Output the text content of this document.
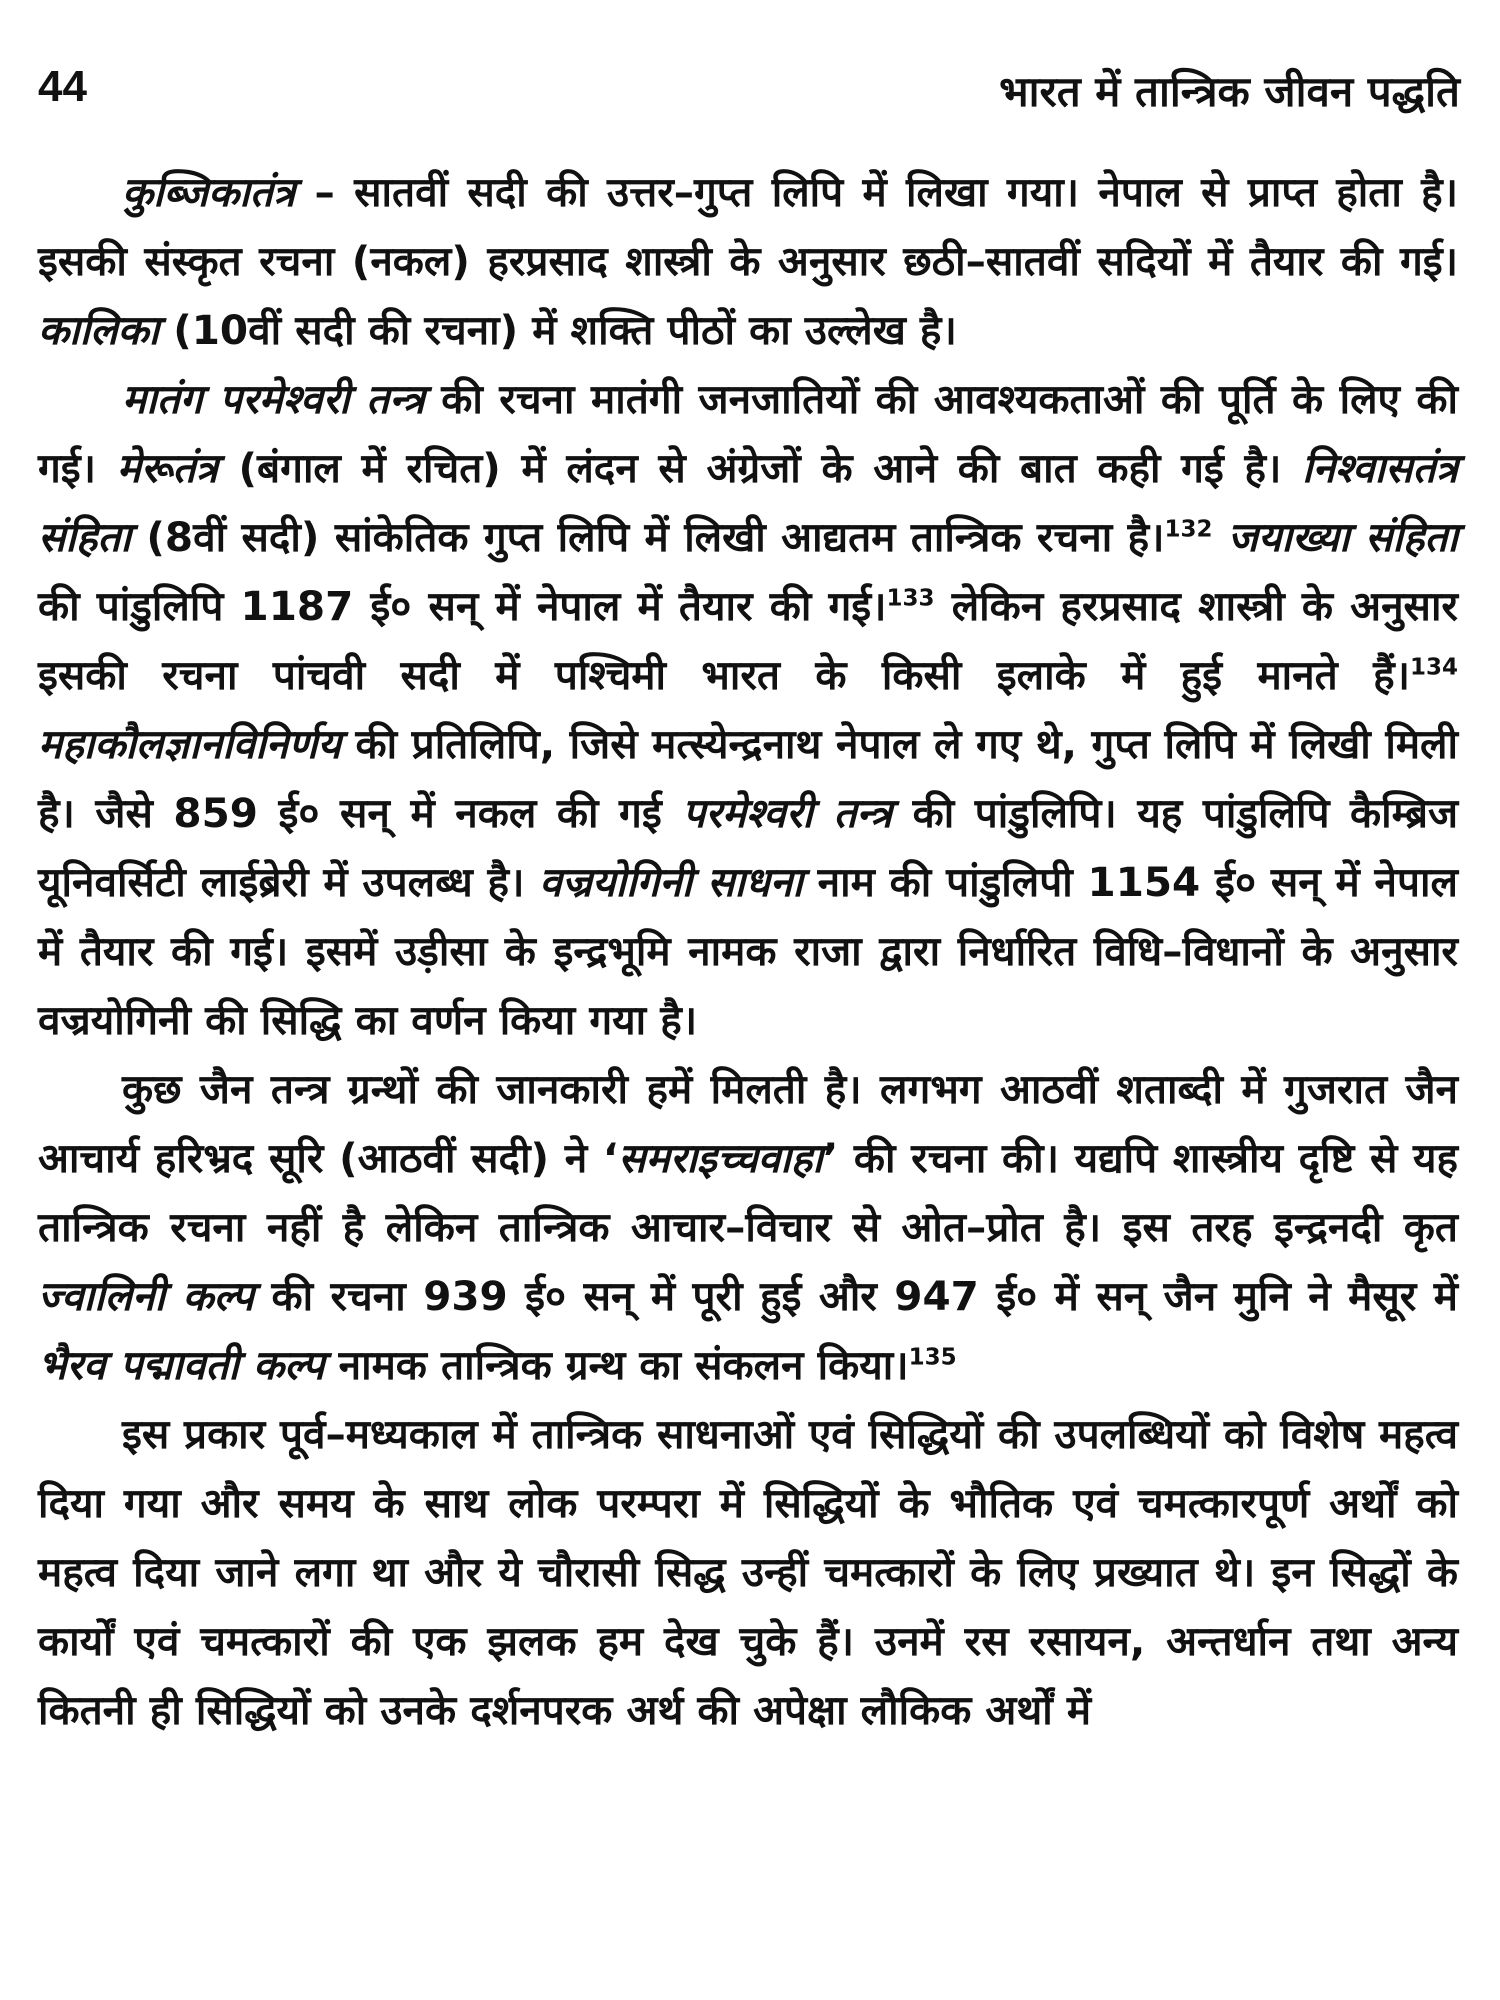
44	भारत में तान्त्रिक जीवन पद्धति

कुब्जिकातंत्र – सातवीं सदी की उत्तर–गुप्त लिपि में लिखा गया। नेपाल से प्राप्त होता है। इसकी संस्कृत रचना (नकल) हरप्रसाद शास्त्री के अनुसार छठी–सातवीं सदियों में तैयार की गई। कालिका (10वीं सदी की रचना) में शक्ति पीठों का उल्लेख है।

मातंग परमेश्वरी तन्त्र की रचना मातंगी जनजातियों की आवश्यकताओं की पूर्ति के लिए की गई। मेरूतंत्र (बंगाल में रचित) में लंदन से अंग्रेजों के आने की बात कही गई है। निश्वासतंत्र संहिता (8वीं सदी) सांकेतिक गुप्त लिपि में लिखी आद्यतम तान्त्रिक रचना है।$^{132}$ जयाख्या संहिता की पांडुलिपि 1187 ई० सन् में नेपाल में तैयार की गई।$^{133}$ लेकिन हरप्रसाद शास्त्री के अनुसार इसकी रचना पांचवी सदी में पश्चिमी भारत के किसी इलाके में हुई मानते हैं।$^{134}$ महाकौलज्ञानविनिर्णय की प्रतिलिपि, जिसे मत्स्येन्द्रनाथ नेपाल ले गए थे, गुप्त लिपि में लिखी मिली है। जैसे 859 ई० सन् में नकल की गई परमेश्वरी तन्त्र की पांडुलिपि। यह पांडुलिपि कैम्ब्रिज यूनिवर्सिटी लाईब्रेरी में उपलब्ध है। वज्रयोगिनी साधना नाम की पांडुलिपी 1154 ई० सन् में नेपाल में तैयार की गई। इसमें उड़ीसा के इन्द्रभूमि नामक राजा द्वारा निर्धारित विधि–विधानों के अनुसार वज्रयोगिनी की सिद्धि का वर्णन किया गया है।

कुछ जैन तन्त्र ग्रन्थों की जानकारी हमें मिलती है। लगभग आठवीं शताब्दी में गुजरात जैन आचार्य हरिभ्रद सूरि (आठवीं सदी) ने ‘समराइच्चवाहा’ की रचना की। यद्यपि शास्त्रीय दृष्टि से यह तान्त्रिक रचना नहीं है लेकिन तान्त्रिक आचार–विचार से ओत–प्रोत है। इस तरह इन्द्रनदी कृत ज्वालिनी कल्प की रचना 939 ई० सन् में पूरी हुई और 947 ई० में सन् जैन मुनि ने मैसूर में भैरव पद्मावती कल्प नामक तान्त्रिक ग्रन्थ का संकलन किया।$^{135}$

इस प्रकार पूर्व–मध्यकाल में तान्त्रिक साधनाओं एवं सिद्धियों की उपलब्धियों को विशेष महत्व दिया गया और समय के साथ लोक परम्परा में सिद्धियों के भौतिक एवं चमत्कारपूर्ण अर्थों को महत्व दिया जाने लगा था और ये चौरासी सिद्ध उन्हीं चमत्कारों के लिए प्रख्यात थे। इन सिद्धों के कार्यों एवं चमत्कारों की एक झलक हम देख चुके हैं। उनमें रस रसायन, अन्तर्धान तथा अन्य कितनी ही सिद्धियों को उनके दर्शनपरक अर्थ की अपेक्षा लौकिक अर्थों में
